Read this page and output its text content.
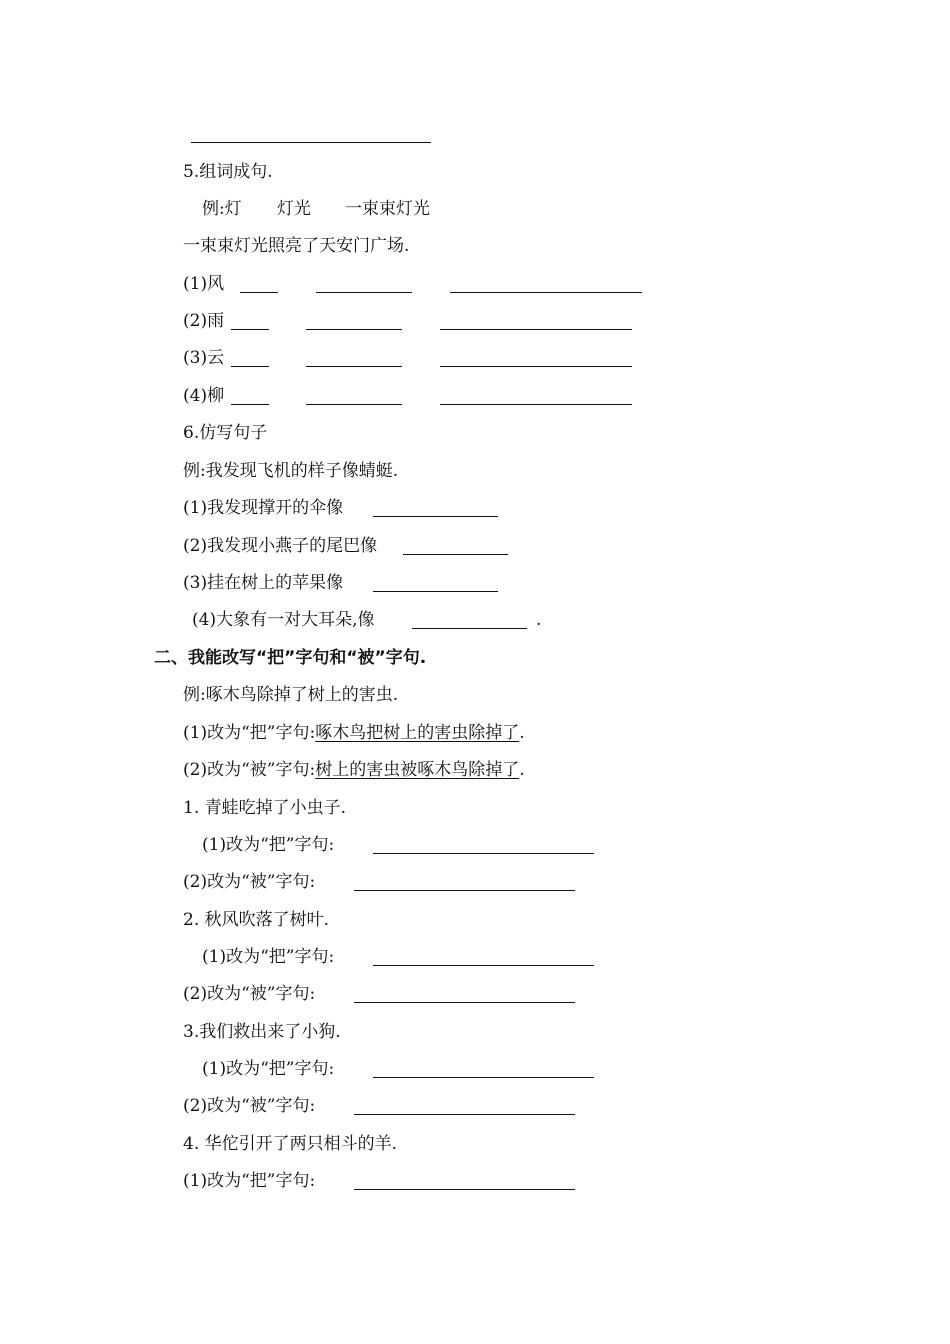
5.组词成句.
例:灯 灯光 一束束灯光
一束束灯光照亮了天安门广场.
(1)风
(2)雨
(3)云
(4)柳
6.仿写句子
例:我发现飞机的样子像蜻蜓.
(1)我发现撑开的伞像
(2)我发现小燕子的尾巴像
(3)挂在树上的苹果像
(4)大象有一对大耳朵,像	.
二、我能改写“把”字句和“被”字句.
例:啄木鸟除掉了树上的害虫.
(1)改为“把”字句:啄木鸟把树上的害虫除掉了.
(2)改为“被”字句:树上的害虫被啄木鸟除掉了.
1. 青蛙吃掉了小虫子.
(1)改为“把”字句:
(2)改为“被”字句:
2. 秋风吹落了树叶.
(1)改为“把”字句:
(2)改为“被”字句:
3.我们救出来了小狗.
(1)改为“把”字句:
(2)改为“被”字句:
4. 华佗引开了两只相斗的羊.
(1)改为“把”字句:
